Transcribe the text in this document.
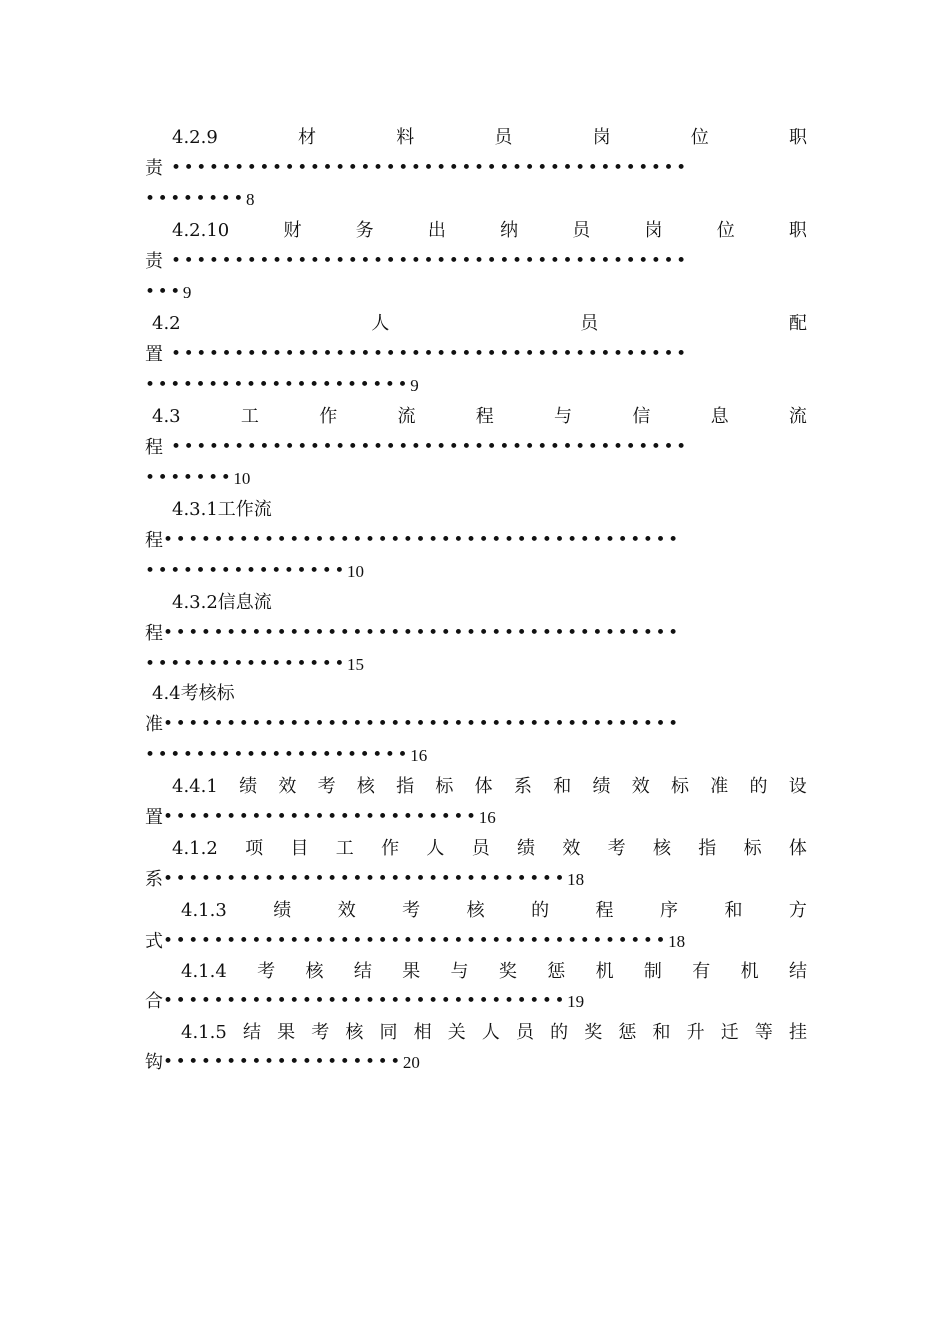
4.2.9	材	料	员	岗	位	职
责 •••••••••••••••••••••••••••••••••••••••••
•••••••• 8
4.2.10	财	务	出	纳	员	岗	位	职
责 •••••••••••••••••••••••••••••••••••••••••
••• 9
4.2	人	员	配
置 •••••••••••••••••••••••••••••••••••••••••
••••••••••••••••••••• 9
4.3	工	作	流	程	与	信	息	流
程 •••••••••••••••••••••••••••••••••••••••••
••••••• 10
4.3.1工作流
程 •••••••••••••••••••••••••••••••••••••••••
•••••••••••••••• 10
4.3.2信息流
程 •••••••••••••••••••••••••••••••••••••••••
•••••••••••••••• 15
4.4考核标
准 •••••••••••••••••••••••••••••••••••••••••
••••••••••••••••••••• 16
4.4.1 绩 效 考 核 指 标 体 系 和 绩 效 标 准 的 设
置 ••••••••••••••••••••••••• 16
4.1.2 项 目 工 作 人 员 绩 效 考 核 指 标 体
系 •••••••••••••••••••••••••••••••• 18
4.1.3	绩	效	考	核	的	程	序	和	方
式 •••••••••••••••••••••••••••••••••••••••• 18
4.1.4 考 核 结 果 与 奖 惩 机 制 有 机 结
合 •••••••••••••••••••••••••••••••• 19
4.1.5 结 果 考 核 同 相 关 人 员 的 奖 惩 和 升 迁 等 挂
钩 ••••••••••••••••••• 20
